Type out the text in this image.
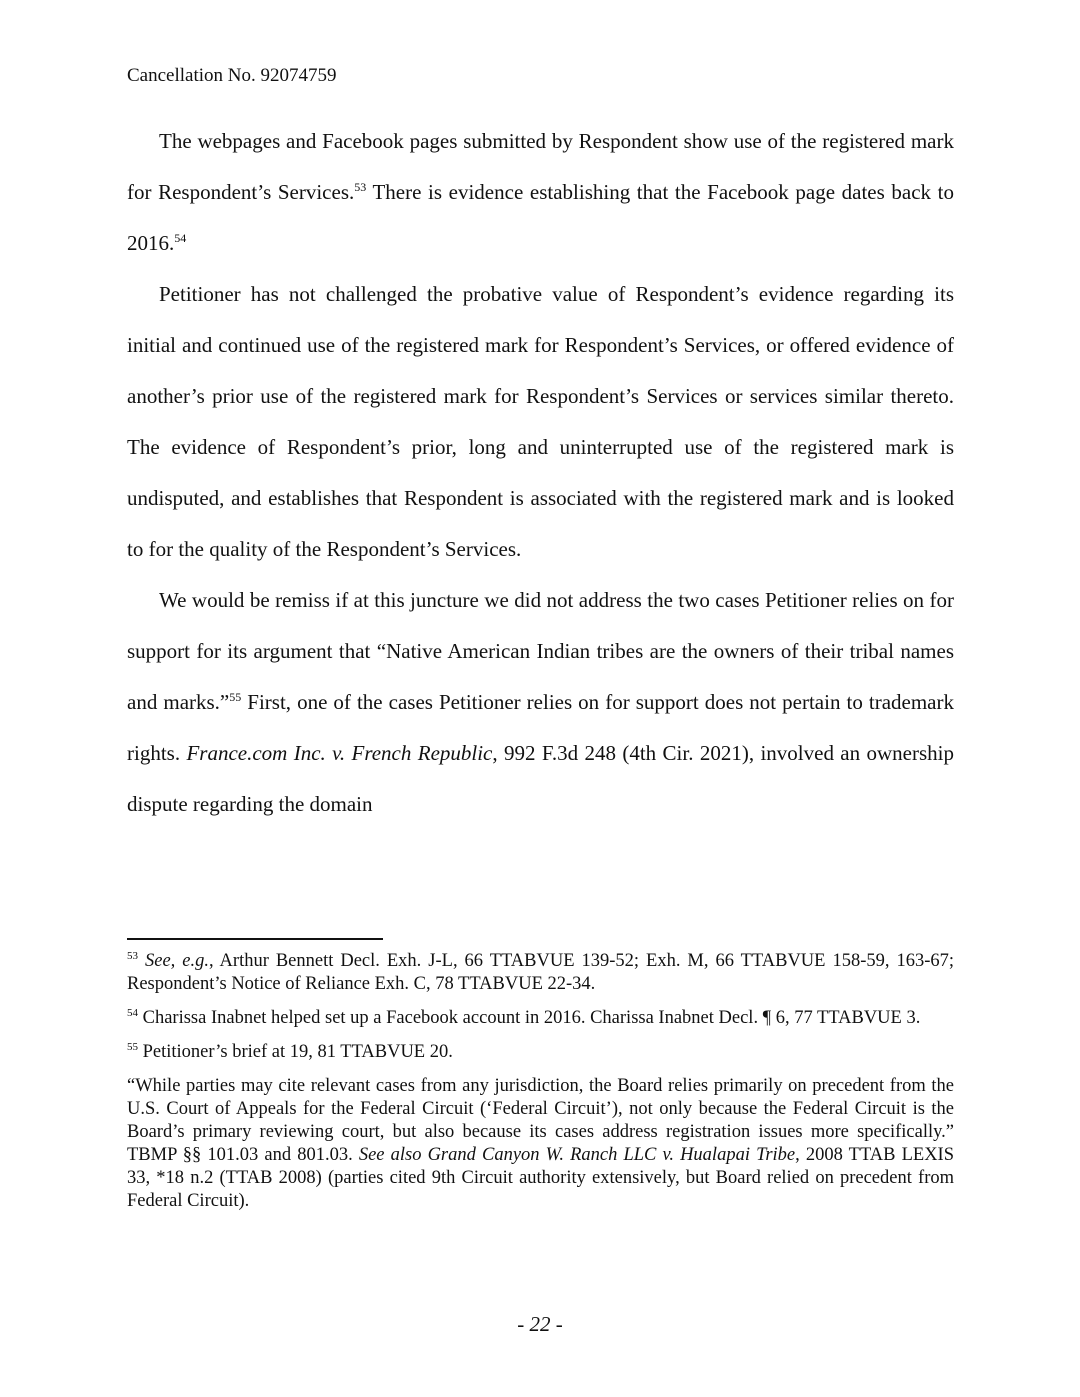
Cancellation No. 92074759

The webpages and Facebook pages submitted by Respondent show use of the registered mark for Respondent’s Services.$^{53}$ There is evidence establishing that the Facebook page dates back to 2016.54

Petitioner has not challenged the probative value of Respondent’s evidence regarding its initial and continued use of the registered mark for Respondent’s Services, or offered evidence of another’s prior use of the registered mark for Respondent’s Services or services similar thereto. The evidence of Respondent’s prior, long and uninterrupted use of the registered mark is undisputed, and establishes that Respondent is associated with the registered mark and is looked to for the quality of the Respondent’s Services.

We would be remiss if at this juncture we did not address the two cases Petitioner relies on for support for its argument that “Native American Indian tribes are the owners of their tribal names and marks.”$^{55}$ First, one of the cases Petitioner relies on for support does not pertain to trademark rights. France.com Inc. v. French Republic, 992 F.3d 248 (4th Cir. 2021), involved an ownership dispute regarding the domain

$^{53}$ See, e.g., Arthur Bennett Decl. Exh. J-L, 66 TTABVUE 139-52; Exh. M, 66 TTABVUE 158-59, 163-67; Respondent’s Notice of Reliance Exh. C, 78 TTABVUE 22-34.

$^{54}$ Charissa Inabnet helped set up a Facebook account in 2016. Charissa Inabnet Decl. ¶ 6, 77 TTABVUE 3.

$^{55}$ Petitioner’s brief at 19, 81 TTABVUE 20.

“While parties may cite relevant cases from any jurisdiction, the Board relies primarily on precedent from the U.S. Court of Appeals for the Federal Circuit (‘Federal Circuit’), not only because the Federal Circuit is the Board’s primary reviewing court, but also because its cases address registration issues more specifically.” TBMP §§ 101.03 and 801.03. See also Grand Canyon W. Ranch LLC v. Hualapai Tribe, 2008 TTAB LEXIS 33, *18 n.2 (TTAB 2008) (parties cited 9th Circuit authority extensively, but Board relied on precedent from Federal Circuit).

- 22 -
